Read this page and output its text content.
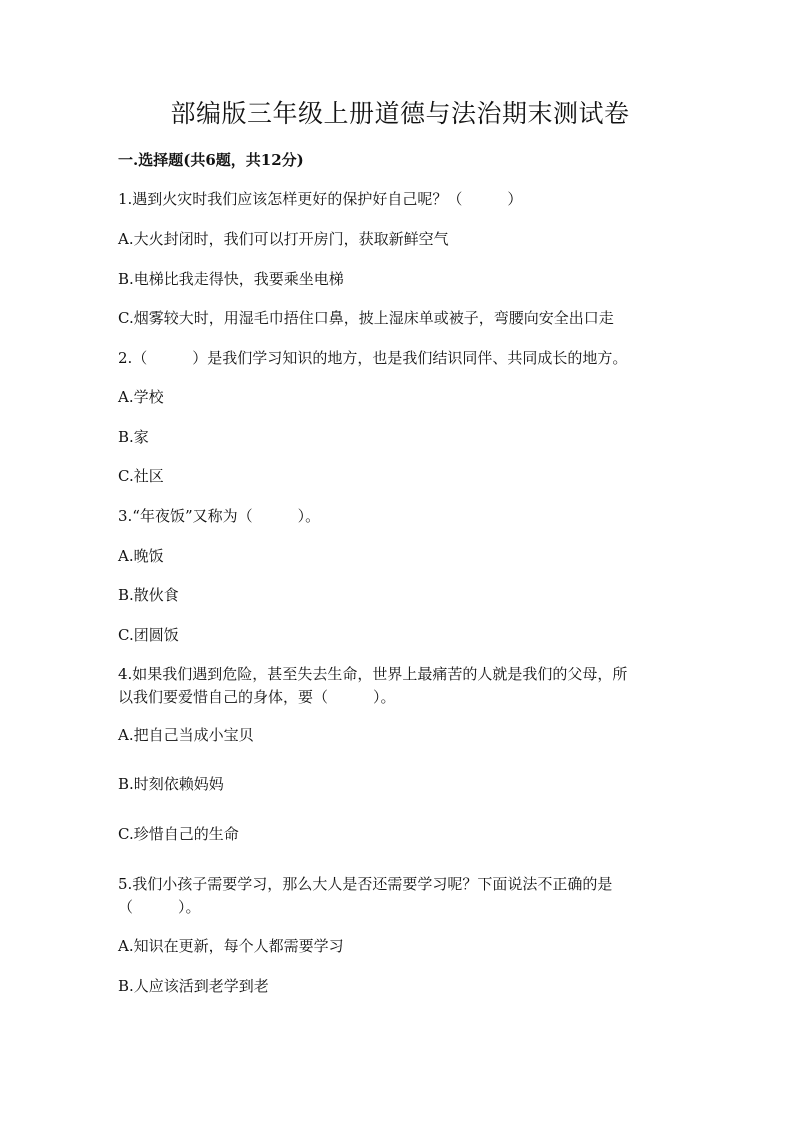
部编版三年级上册道德与法治期末测试卷
一.选择题(共6题，共12分)
1.遇到火灾时我们应该怎样更好的保护好自己呢？（　　　）
A.大火封闭时，我们可以打开房门，获取新鲜空气
B.电梯比我走得快，我要乘坐电梯
C.烟雾较大时，用湿毛巾捂住口鼻，披上湿床单或被子，弯腰向安全出口走
2.（　　　）是我们学习知识的地方，也是我们结识同伴、共同成长的地方。
A.学校
B.家
C.社区
3.“年夜饭”又称为（　　　）。
A.晚饭
B.散伙食
C.团圆饭
4.如果我们遇到危险，甚至失去生命，世界上最痛苦的人就是我们的父母，所
以我们要爱惜自己的身体，要（　　　）。
A.把自己当成小宝贝
B.时刻依赖妈妈
C.珍惜自己的生命
5.我们小孩子需要学习，那么大人是否还需要学习呢？下面说法不正确的是
（　　　）。
A.知识在更新，每个人都需要学习
B.人应该活到老学到老
